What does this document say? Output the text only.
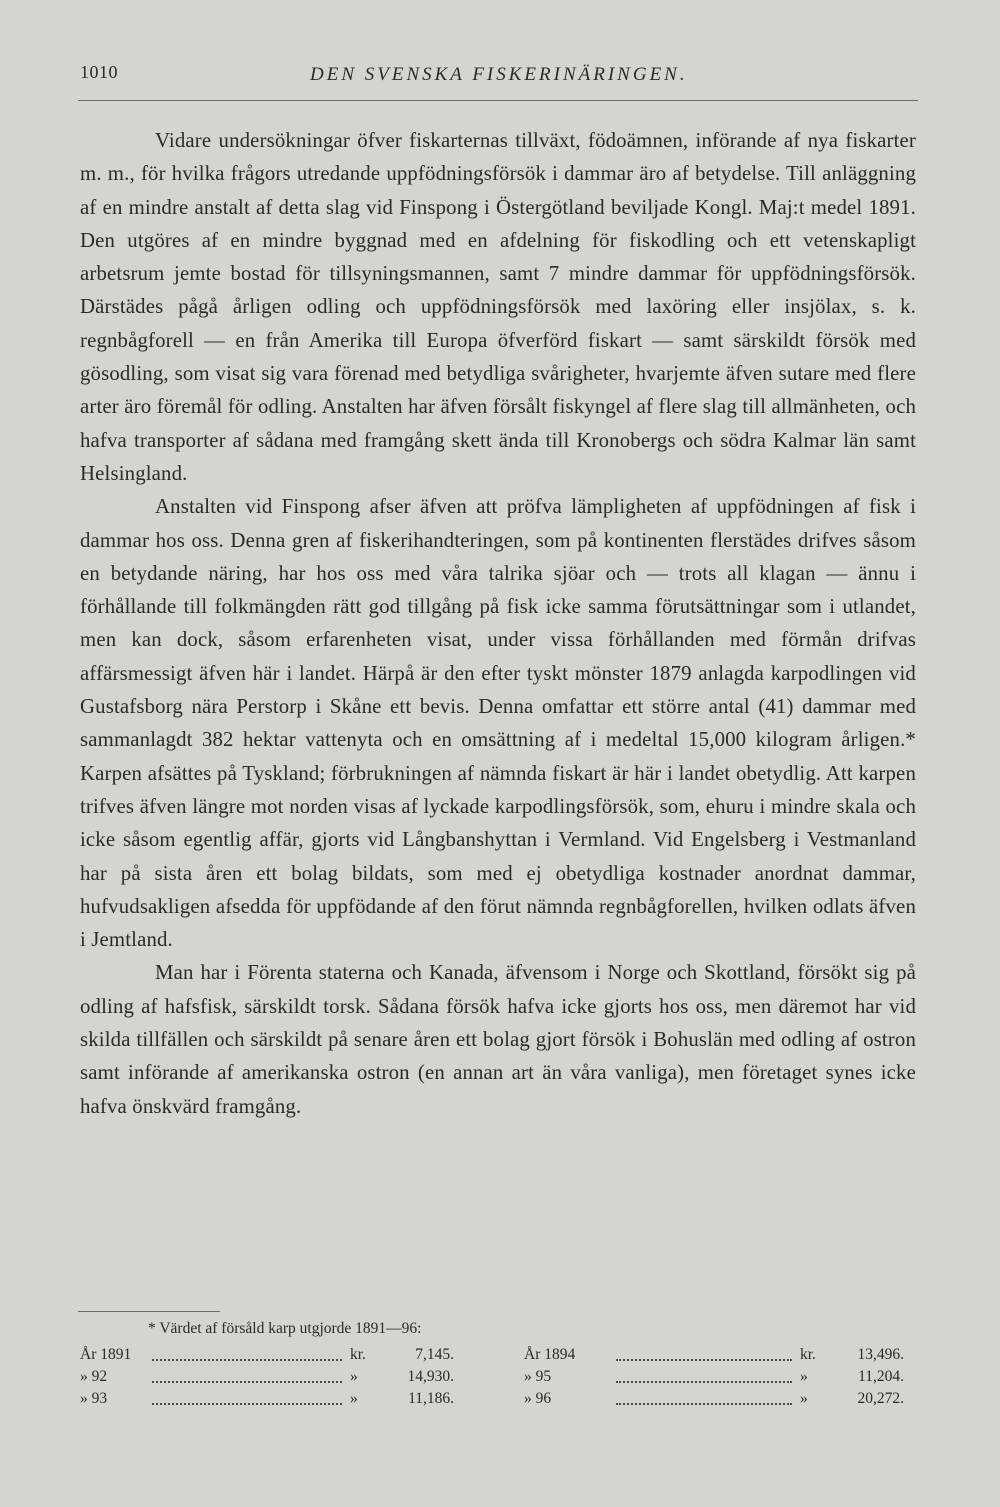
1010	DEN SVENSKA FISKERINÄRINGEN.

Vidare undersökningar öfver fiskarternas tillväxt, födoämnen, införande af nya fiskarter m. m., för hvilka frågors utredande uppfödningsförsök i dammar äro af betydelse. Till anläggning af en mindre anstalt af detta slag vid Finspong i Östergötland beviljade Kongl. Maj:t medel 1891. Den utgöres af en mindre byggnad med en afdelning för fiskodling och ett vetenskapligt arbetsrum jemte bostad för tillsyningsmannen, samt 7 mindre dammar för uppfödningsförsök. Därstädes pågå årligen odling och uppfödningsförsök med laxöring eller insjölax, s. k. regnbågforell — en från Amerika till Europa öfverförd fiskart — samt särskildt försök med gösodling, som visat sig vara förenad med betydliga svårigheter, hvarjemte äfven sutare med flere arter äro föremål för odling. Anstalten har äfven försålt fiskyngel af flere slag till allmänheten, och hafva transporter af sådana med framgång skett ända till Kronobergs och södra Kalmar län samt Helsingland.

Anstalten vid Finspong afser äfven att pröfva lämpligheten af uppfödningen af fisk i dammar hos oss. Denna gren af fiskerihandteringen, som på kontinenten flerstädes drifves såsom en betydande näring, har hos oss med våra talrika sjöar och — trots all klagan — ännu i förhållande till folkmängden rätt god tillgång på fisk icke samma förutsättningar som i utlandet, men kan dock, såsom erfarenheten visat, under vissa förhållanden med förmån drifvas affärsmessigt äfven här i landet. Härpå är den efter tyskt mönster 1879 anlagda karpodlingen vid Gustafsborg nära Perstorp i Skåne ett bevis. Denna omfattar ett större antal (41) dammar med sammanlagdt 382 hektar vattenyta och en omsättning af i medeltal 15,000 kilogram årligen.* Karpen afsättes på Tyskland; förbrukningen af nämnda fiskart är här i landet obetydlig. Att karpen trifves äfven längre mot norden visas af lyckade karpodlingsförsök, som, ehuru i mindre skala och icke såsom egentlig affär, gjorts vid Långbanshyttan i Vermland. Vid Engelsberg i Vestmanland har på sista åren ett bolag bildats, som med ej obetydliga kostnader anordnat dammar, hufvudsakligen afsedda för uppfödande af den förut nämnda regnbågforellen, hvilken odlats äfven i Jemtland.

Man har i Förenta staterna och Kanada, äfvensom i Norge och Skottland, försökt sig på odling af hafsfisk, särskildt torsk. Sådana försök hafva icke gjorts hos oss, men däremot har vid skilda tillfällen och särskildt på senare åren ett bolag gjort försök i Bohuslän med odling af ostron samt införande af amerikanska ostron (en annan art än våra vanliga), men företaget synes icke hafva önskvärd framgång.

* Värdet af försåld karp utgjorde 1891—96:
År 1891	kr.	7,145.
» 92	»	14,930.
» 93	»	11,186.
År 1894	kr.	13,496.
» 95	»	11,204.
» 96	»	20,272.
